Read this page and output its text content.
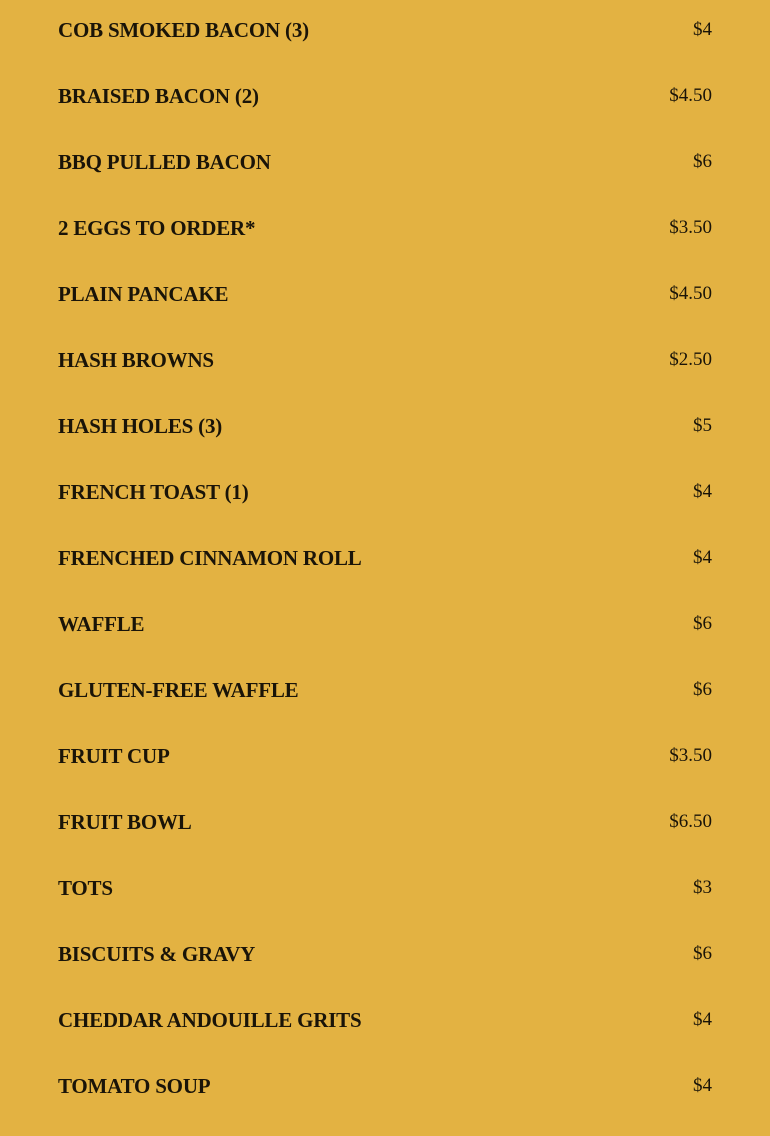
COB SMOKED BACON (3)	$4
BRAISED BACON (2)	$4.50
BBQ PULLED BACON	$6
2 EGGS TO ORDER*	$3.50
PLAIN PANCAKE	$4.50
HASH BROWNS	$2.50
HASH HOLES (3)	$5
FRENCH TOAST (1)	$4
FRENCHED CINNAMON ROLL	$4
WAFFLE	$6
GLUTEN-FREE WAFFLE	$6
FRUIT CUP	$3.50
FRUIT BOWL	$6.50
TOTS	$3
BISCUITS & GRAVY	$6
CHEDDAR ANDOUILLE GRITS	$4
TOMATO SOUP	$4
